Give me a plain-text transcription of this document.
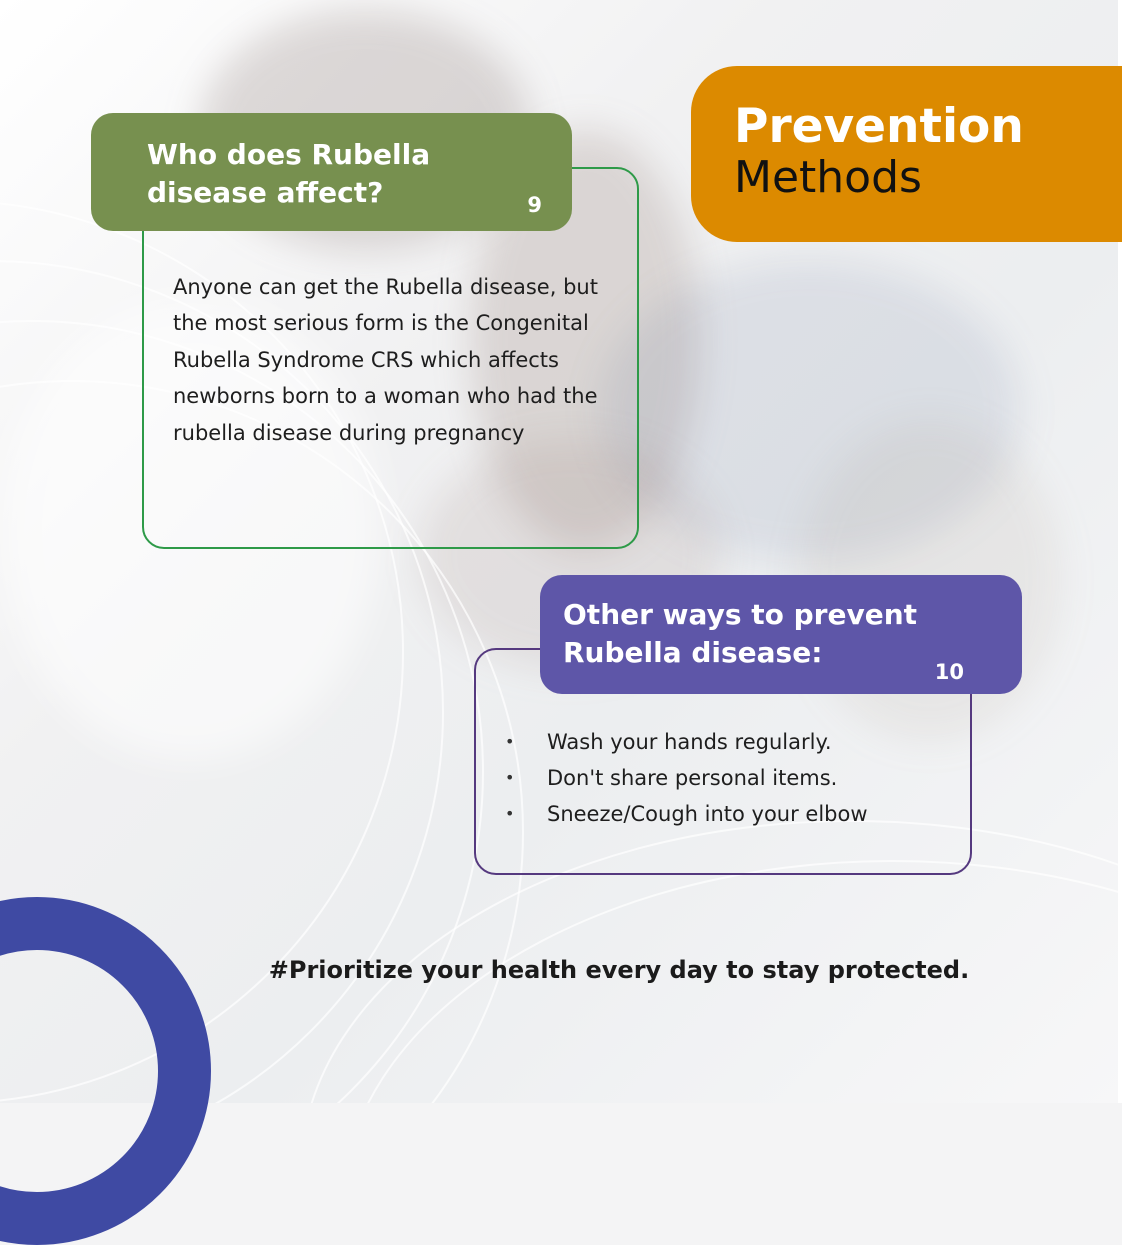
Prevention
Methods
Who does Rubella
disease affect?	9

Anyone can get the Rubella disease, but the most serious form is the Congenital Rubella Syndrome CRS which affects newborns born to a woman who had the rubella disease during pregnancy

Other ways to prevent
Rubella disease:
10
• Wash your hands regularly.
• Don't share personal items.
• Sneeze/Cough into your elbow
#Prioritize your health every day to stay protected.
